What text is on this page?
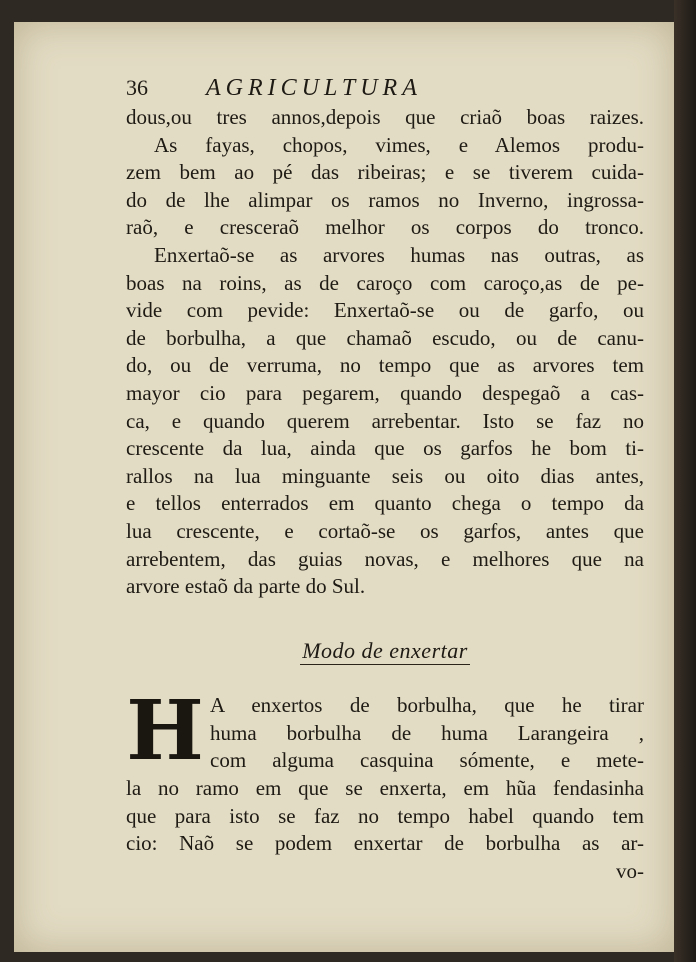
36 AGRICULTURA
dous,ou tres annos,depois que criaõ boas raizes.
As fayas, chopos, vimes, e Alemos produ-
zem bem ao pé das ribeiras; e se tiverem cuida-
do de lhe alimpar os ramos no Inverno, ingrossa-
raõ, e cresceraõ melhor os corpos do tronco.
Enxertaõ-se as arvores humas nas outras, as
boas na roins, as de caroço com caroço,as de pe-
vide com pevide: Enxertaõ-se ou de garfo, ou
de borbulha, a que chamaõ escudo, ou de canu-
do, ou de verruma, no tempo que as arvores tem
mayor cio para pegarem, quando despegaõ a cas-
ca, e quando querem arrebentar. Isto se faz no
crescente da lua, ainda que os garfos he bom ti-
rallos na lua minguante seis ou oito dias antes,
e tellos enterrados em quanto chega o tempo da
lua crescente, e cortaõ-se os garfos, antes que
arrebentem, das guias novas, e melhores que na
arvore estaõ da parte do Sul.
Modo de enxertar
H A enxertos de borbulha, que he tirar
huma borbulha de huma Larangeira ,
com alguma casquina sómente, e mete-
la no ramo em que se enxerta, em hũa fendasinha
que para isto se faz no tempo habel quando tem
cio: Naõ se podem enxertar de borbulha as ar-
vo-
